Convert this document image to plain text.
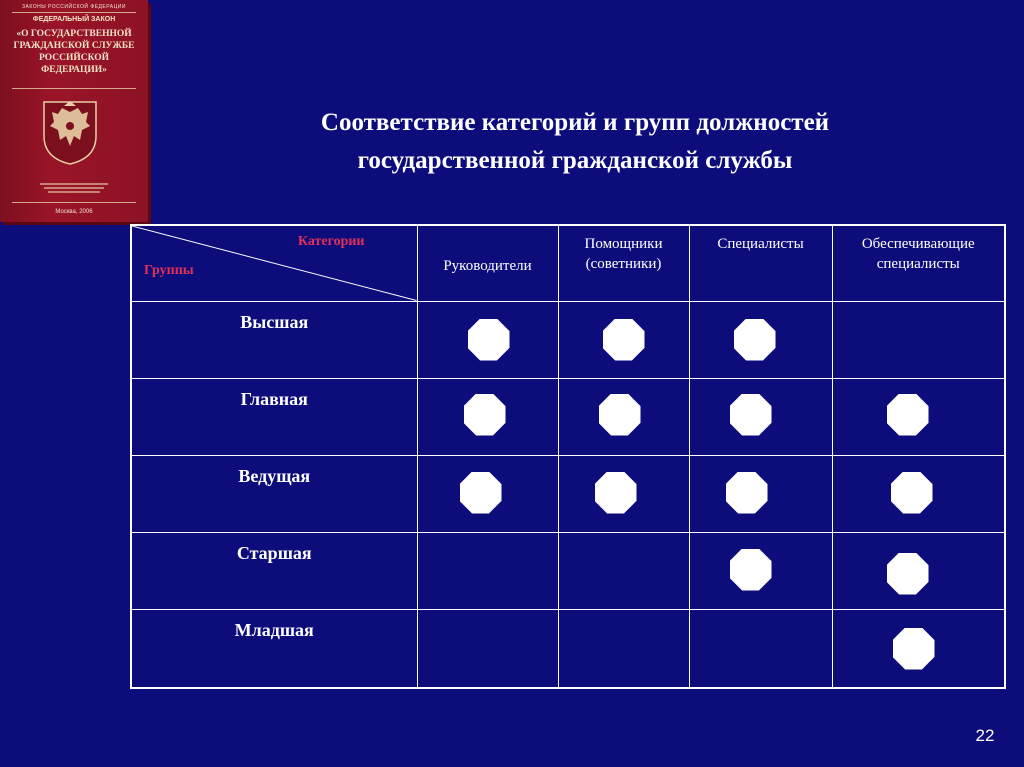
ЗАКОНЫ РОССИЙСКОЙ ФЕДЕРАЦИИ
ФЕДЕРАЛЬНЫЙ ЗАКОН
«О ГОСУДАРСТВЕННОЙ ГРАЖДАНСКОЙ СЛУЖБЕ РОССИЙСКОЙ ФЕДЕРАЦИИ»
Москва, 2006
Соответствие категорий и групп должностей
государственной гражданской службы
Категории
Группы	Руководители	Помощники (советники)	Специалисты	Обеспечивающие специалисты

Высшая				

Главная				

Ведущая				

Старшая				

Младшая				

22
